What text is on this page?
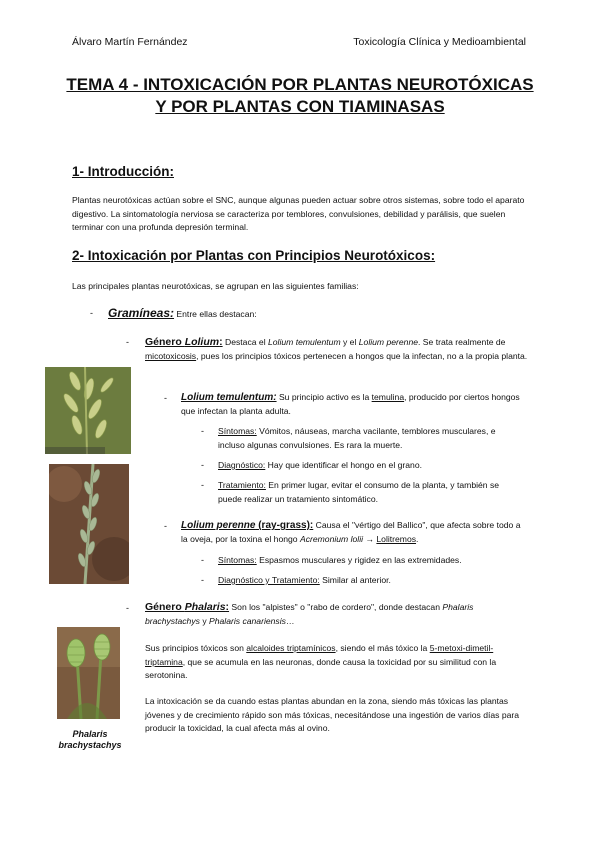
Álvaro Martín Fernández	Toxicología Clínica y Medioambiental
TEMA 4 - INTOXICACIÓN POR PLANTAS NEUROTÓXICAS Y POR PLANTAS CON TIAMINASAS
1- Introducción:
Plantas neurotóxicas actúan sobre el SNC, aunque algunas pueden actuar sobre otros sistemas, sobre todo el aparato digestivo. La sintomatología nerviosa se caracteriza por temblores, convulsiones, debilidad y parálisis, que suelen terminar con una profunda depresión terminal.
2- Intoxicación por Plantas con Principios Neurotóxicos:
Las principales plantas neurotóxicas, se agrupan en las siguientes familias:
- Gramíneas: Entre ellas destacan:
- Género Lolium: Destaca el Lolium temulentum y el Lolium perenne. Se trata realmente de micotoxicosis, pues los principios tóxicos pertenecen a hongos que la infectan, no a la propia planta.
- Lolium temulentum: Su principio activo es la temulina, producido por ciertos hongos que infectan la planta adulta.
- Síntomas: Vómitos, náuseas, marcha vacilante, temblores musculares, e incluso algunas convulsiones. Es rara la muerte.
- Diagnóstico: Hay que identificar el hongo en el grano.
- Tratamiento: En primer lugar, evitar el consumo de la planta, y también se puede realizar un tratamiento sintomático.
- Lolium perenne (ray-grass): Causa el "vértigo del Ballico", que afecta sobre todo a la oveja, por la toxina el hongo Acremonium lolii → Lolitremos.
- Síntomas: Espasmos musculares y rigidez en las extremidades.
- Diagnóstico y Tratamiento: Similar al anterior.
- Género Phalaris: Son los "alpistes" o "rabo de cordero", donde destacan Phalaris brachystachys y Phalaris canariensis…
Sus principios tóxicos son alcaloides triptamínicos, siendo el más tóxico la 5-metoxi-dimetil-triptamina, que se acumula en las neuronas, donde causa la toxicidad por su similitud con la serotonina.
La intoxicación se da cuando estas plantas abundan en la zona, siendo más tóxicas las plantas jóvenes y de crecimiento rápido son más tóxicas, necesitándose una ingestión de varios días para producir la toxicidad, la cual afecta más al ovino.
Phalaris brachystachys
